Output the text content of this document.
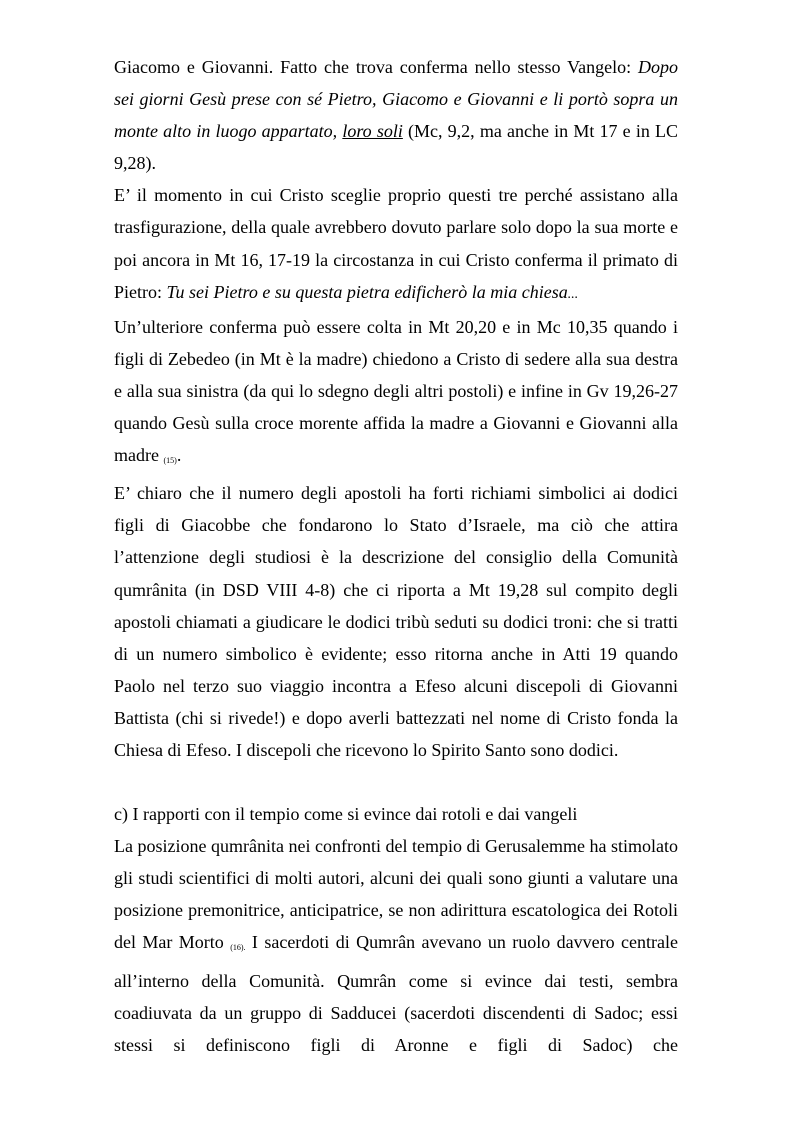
Giacomo e Giovanni. Fatto che trova conferma nello stesso Vangelo: Dopo sei giorni Gesù prese con sé Pietro, Giacomo e Giovanni e li portò sopra un monte alto in luogo appartato, loro soli (Mc, 9,2, ma anche in Mt 17 e in LC 9,28).

E’ il momento in cui Cristo sceglie proprio questi tre perché assistano alla trasfigurazione, della quale avrebbero dovuto parlare solo dopo la sua morte e poi ancora in Mt 16, 17-19 la circostanza in cui Cristo conferma il primato di Pietro: Tu sei Pietro e su questa pietra edificherò la mia chiesa...

Un’ulteriore conferma può essere colta in Mt 20,20 e in Mc 10,35 quando i figli di Zebedeo (in Mt è la madre) chiedono a Cristo di sedere alla sua destra e alla sua sinistra (da qui lo sdegno degli altri postoli) e infine in Gv 19,26-27 quando Gesù sulla croce morente affida la madre a Giovanni e Giovanni alla madre (15).

E’ chiaro che il numero degli apostoli ha forti richiami simbolici ai dodici figli di Giacobbe che fondarono lo Stato d’Israele, ma ciò che attira l’attenzione degli studiosi è la descrizione del consiglio della Comunità qumrânita (in DSD VIII 4-8) che ci riporta a Mt 19,28 sul compito degli apostoli chiamati a giudicare le dodici tribù seduti su dodici troni: che si tratti di un numero simbolico è evidente; esso ritorna anche in Atti 19 quando Paolo nel terzo suo viaggio incontra a Efeso alcuni discepoli di Giovanni Battista (chi si rivede!) e dopo averli battezzati nel nome di Cristo fonda la Chiesa di Efeso. I discepoli che ricevono lo Spirito Santo sono dodici.

c) I rapporti con il tempio come si evince dai rotoli e dai vangeli

La posizione qumrânita nei confronti del tempio di Gerusalemme ha stimolato gli studi scientifici di molti autori, alcuni dei quali sono giunti a valutare una posizione premonitrice, anticipatrice, se non adirittura escatologica dei Rotoli del Mar Morto (16). I sacerdoti di Qumrân avevano un ruolo davvero centrale all’interno della Comunità. Qumrân come si evince dai testi, sembra coadiuvata da un gruppo di Sadducei (sacerdoti discendenti di Sadoc; essi stessi si definiscono figli di Aronne e figli di Sadoc) che
